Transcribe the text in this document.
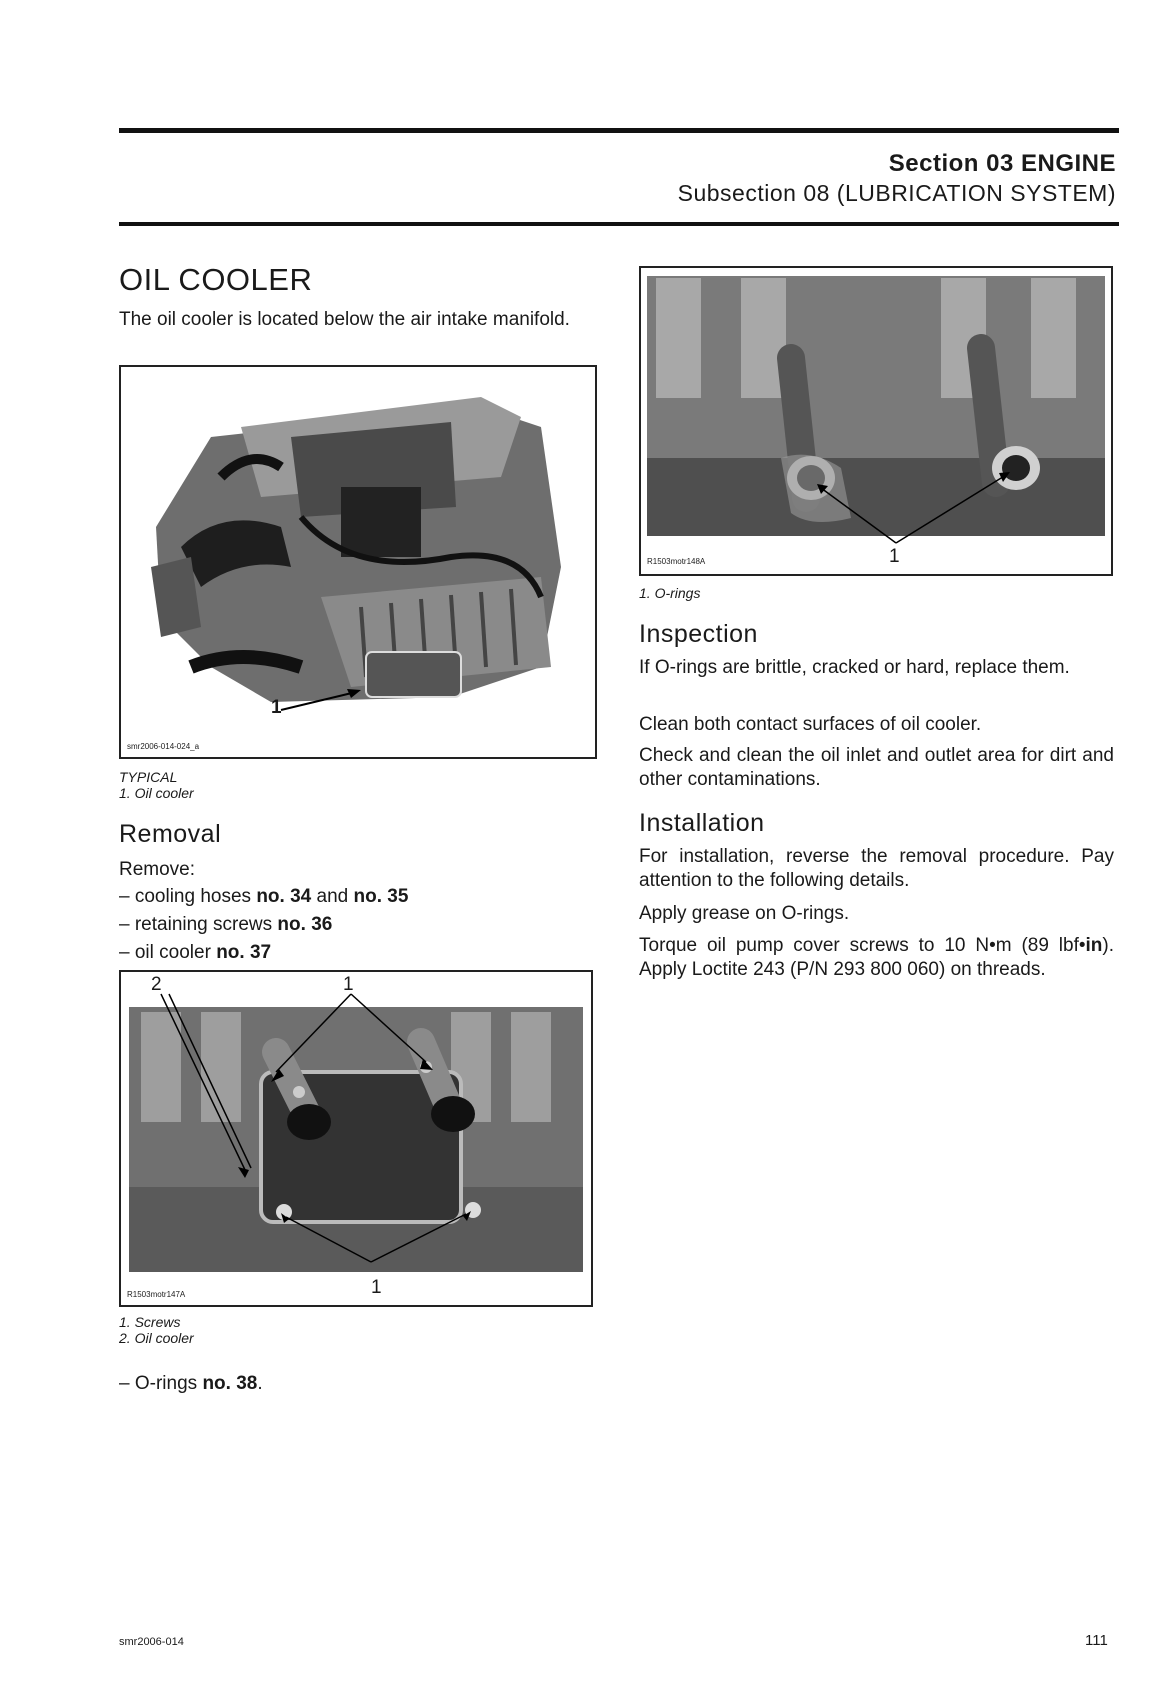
Section 03 ENGINE
Subsection 08 (LUBRICATION SYSTEM)
OIL COOLER
The oil cooler is located below the air intake manifold.
1
smr2006-014-024_a
TYPICAL
1. Oil cooler
Removal
Remove:
– cooling hoses no. 34 and no. 35
– retaining screws no. 36
– oil cooler no. 37
2	1
1
R1503motr147A
1. Screws
2. Oil cooler
– O-rings no. 38.
1
R1503motr148A
1. O-rings
Inspection
If O-rings are brittle, cracked or hard, replace them.
Clean both contact surfaces of oil cooler.
Check and clean the oil inlet and outlet area for dirt and other contaminations.
Installation
For installation, reverse the removal procedure. Pay attention to the following details.
Apply grease on O-rings.
Torque oil pump cover screws to 10 N•m (89 lbf•in). Apply Loctite 243 (P/N 293 800 060) on threads.
smr2006-014	111
